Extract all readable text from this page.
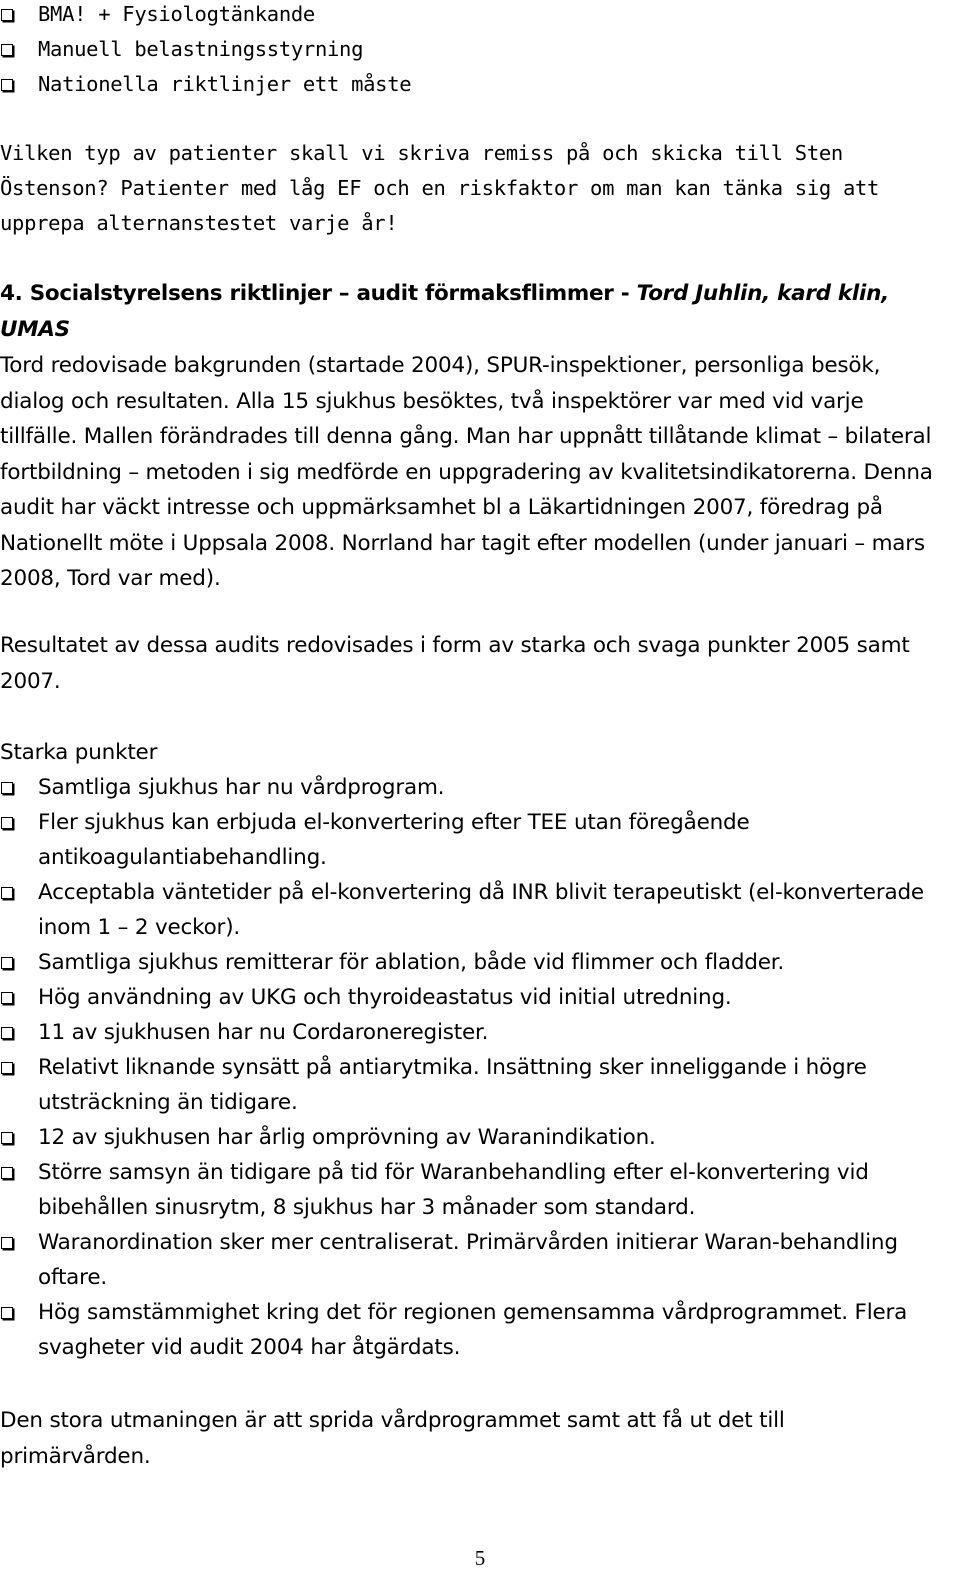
BMA! + Fysiologtänkande
Manuell belastningsstyrning
Nationella riktlinjer ett måste

Vilken typ av patienter skall vi skriva remiss på och skicka till Sten Östenson? Patienter med låg EF och en riskfaktor om man kan tänka sig att upprepa alternanstestet varje år!

4. Socialstyrelsens riktlinjer – audit förmaksflimmer - Tord Juhlin, kard klin, UMAS

Tord redovisade bakgrunden (startade 2004), SPUR-inspektioner, personliga besök, dialog och resultaten. Alla 15 sjukhus besöktes, två inspektörer var med vid varje tillfälle. Mallen förändrades till denna gång. Man har uppnått tillåtande klimat – bilateral fortbildning – metoden i sig medförde en uppgradering av kvalitetsindikatorerna. Denna audit har väckt intresse och uppmärksamhet bl a Läkartidningen 2007, föredrag på Nationellt möte i Uppsala 2008. Norrland har tagit efter modellen (under januari – mars 2008, Tord var med).

Resultatet av dessa audits redovisades i form av starka och svaga punkter 2005 samt 2007.

Starka punkter

Samtliga sjukhus har nu vårdprogram.
Fler sjukhus kan erbjuda el-konvertering efter TEE utan föregående antikoagulantiabehandling.
Acceptabla väntetider på el-konvertering då INR blivit terapeutiskt (el-konverterade inom 1 – 2 veckor).
Samtliga sjukhus remitterar för ablation, både vid flimmer och fladder.
Hög användning av UKG och thyroideastatus vid initial utredning.
11 av sjukhusen har nu Cordaroneregister.
Relativt liknande synsätt på antiarytmika. Insättning sker inneliggande i högre utsträckning än tidigare.
12 av sjukhusen har årlig omprövning av Waranindikation.
Större samsyn än tidigare på tid för Waranbehandling efter el-konvertering vid bibehållen sinusrytm, 8 sjukhus har 3 månader som standard.
Waranordination sker mer centraliserat. Primärvården initierar Waran-behandling oftare.
Hög samstämmighet kring det för regionen gemensamma vårdprogrammet. Flera svagheter vid audit 2004 har åtgärdats.

Den stora utmaningen är att sprida vårdprogrammet samt att få ut det till primärvården.

5
